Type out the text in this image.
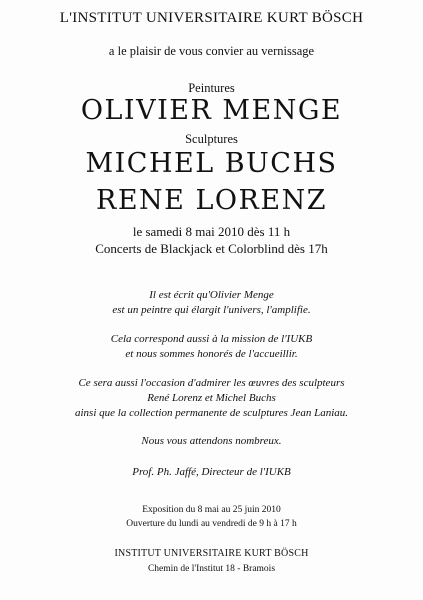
L'INSTITUT UNIVERSITAIRE KURT BÖSCH
a le plaisir de vous convier au vernissage
Peintures
OLIVIER MENGE
Sculptures
MICHEL BUCHS
RENE LORENZ
le samedi 8 mai 2010 dès 11 h
Concerts de Blackjack et Colorblind dès 17h
Il est écrit qu'Olivier Menge
est un peintre qui élargit l'univers, l'amplifie.
Cela correspond aussi à la mission de l'IUKB
et nous sommes honorés de l'accueillir.
Ce sera aussi l'occasion d'admirer les œuvres des sculpteurs
René Lorenz et Michel Buchs
ainsi que la collection permanente de sculptures Jean Laniau.
Nous vous attendons nombreux.
Prof. Ph. Jaffé, Directeur de l'IUKB
Exposition du 8 mai au 25 juin 2010
Ouverture du lundi au vendredi de 9 h à 17 h
INSTITUT UNIVERSITAIRE KURT BÖSCH
Chemin de l'Institut 18 - Bramois
